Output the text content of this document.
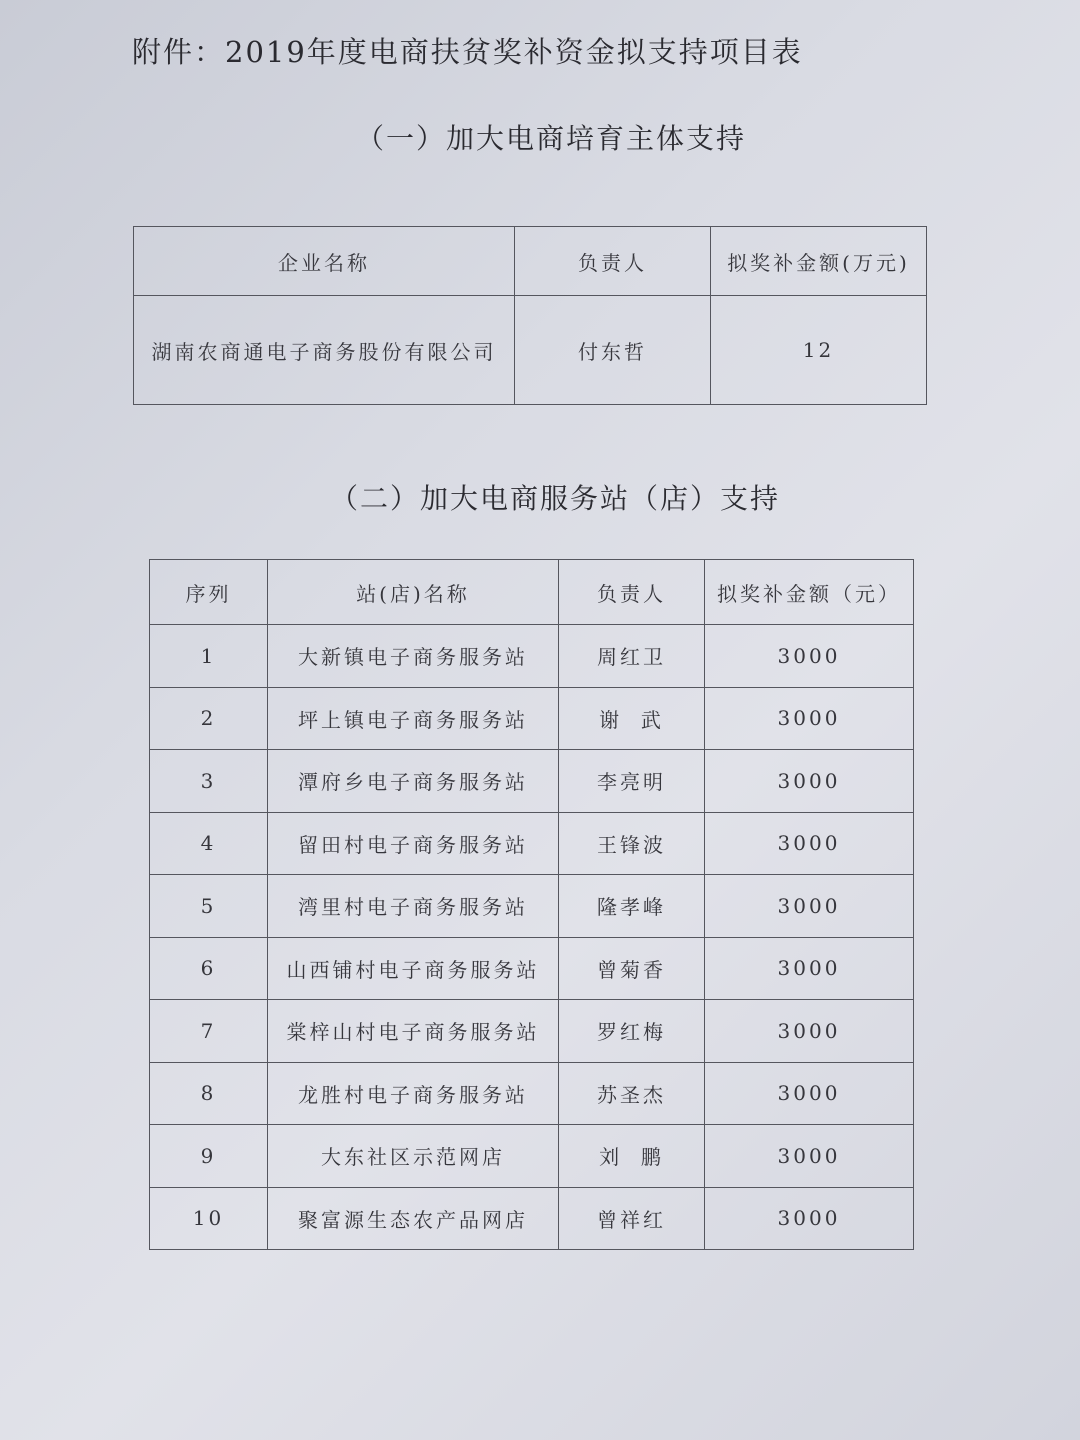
附件：2019年度电商扶贫奖补资金拟支持项目表
（一）加大电商培育主体支持
企业名称	负责人	拟奖补金额(万元)
湖南农商通电子商务股份有限公司	付东哲	12
（二）加大电商服务站（店）支持
序列	站(店)名称	负责人	拟奖补金额（元）
1	大新镇电子商务服务站	周红卫	3000
2	坪上镇电子商务服务站	谢  武	3000
3	潭府乡电子商务服务站	李亮明	3000
4	留田村电子商务服务站	王锋波	3000
5	湾里村电子商务服务站	隆孝峰	3000
6	山西铺村电子商务服务站	曾菊香	3000
7	棠梓山村电子商务服务站	罗红梅	3000
8	龙胜村电子商务服务站	苏圣杰	3000
9	大东社区示范网店	刘  鹏	3000
10	聚富源生态农产品网店	曾祥红	3000
